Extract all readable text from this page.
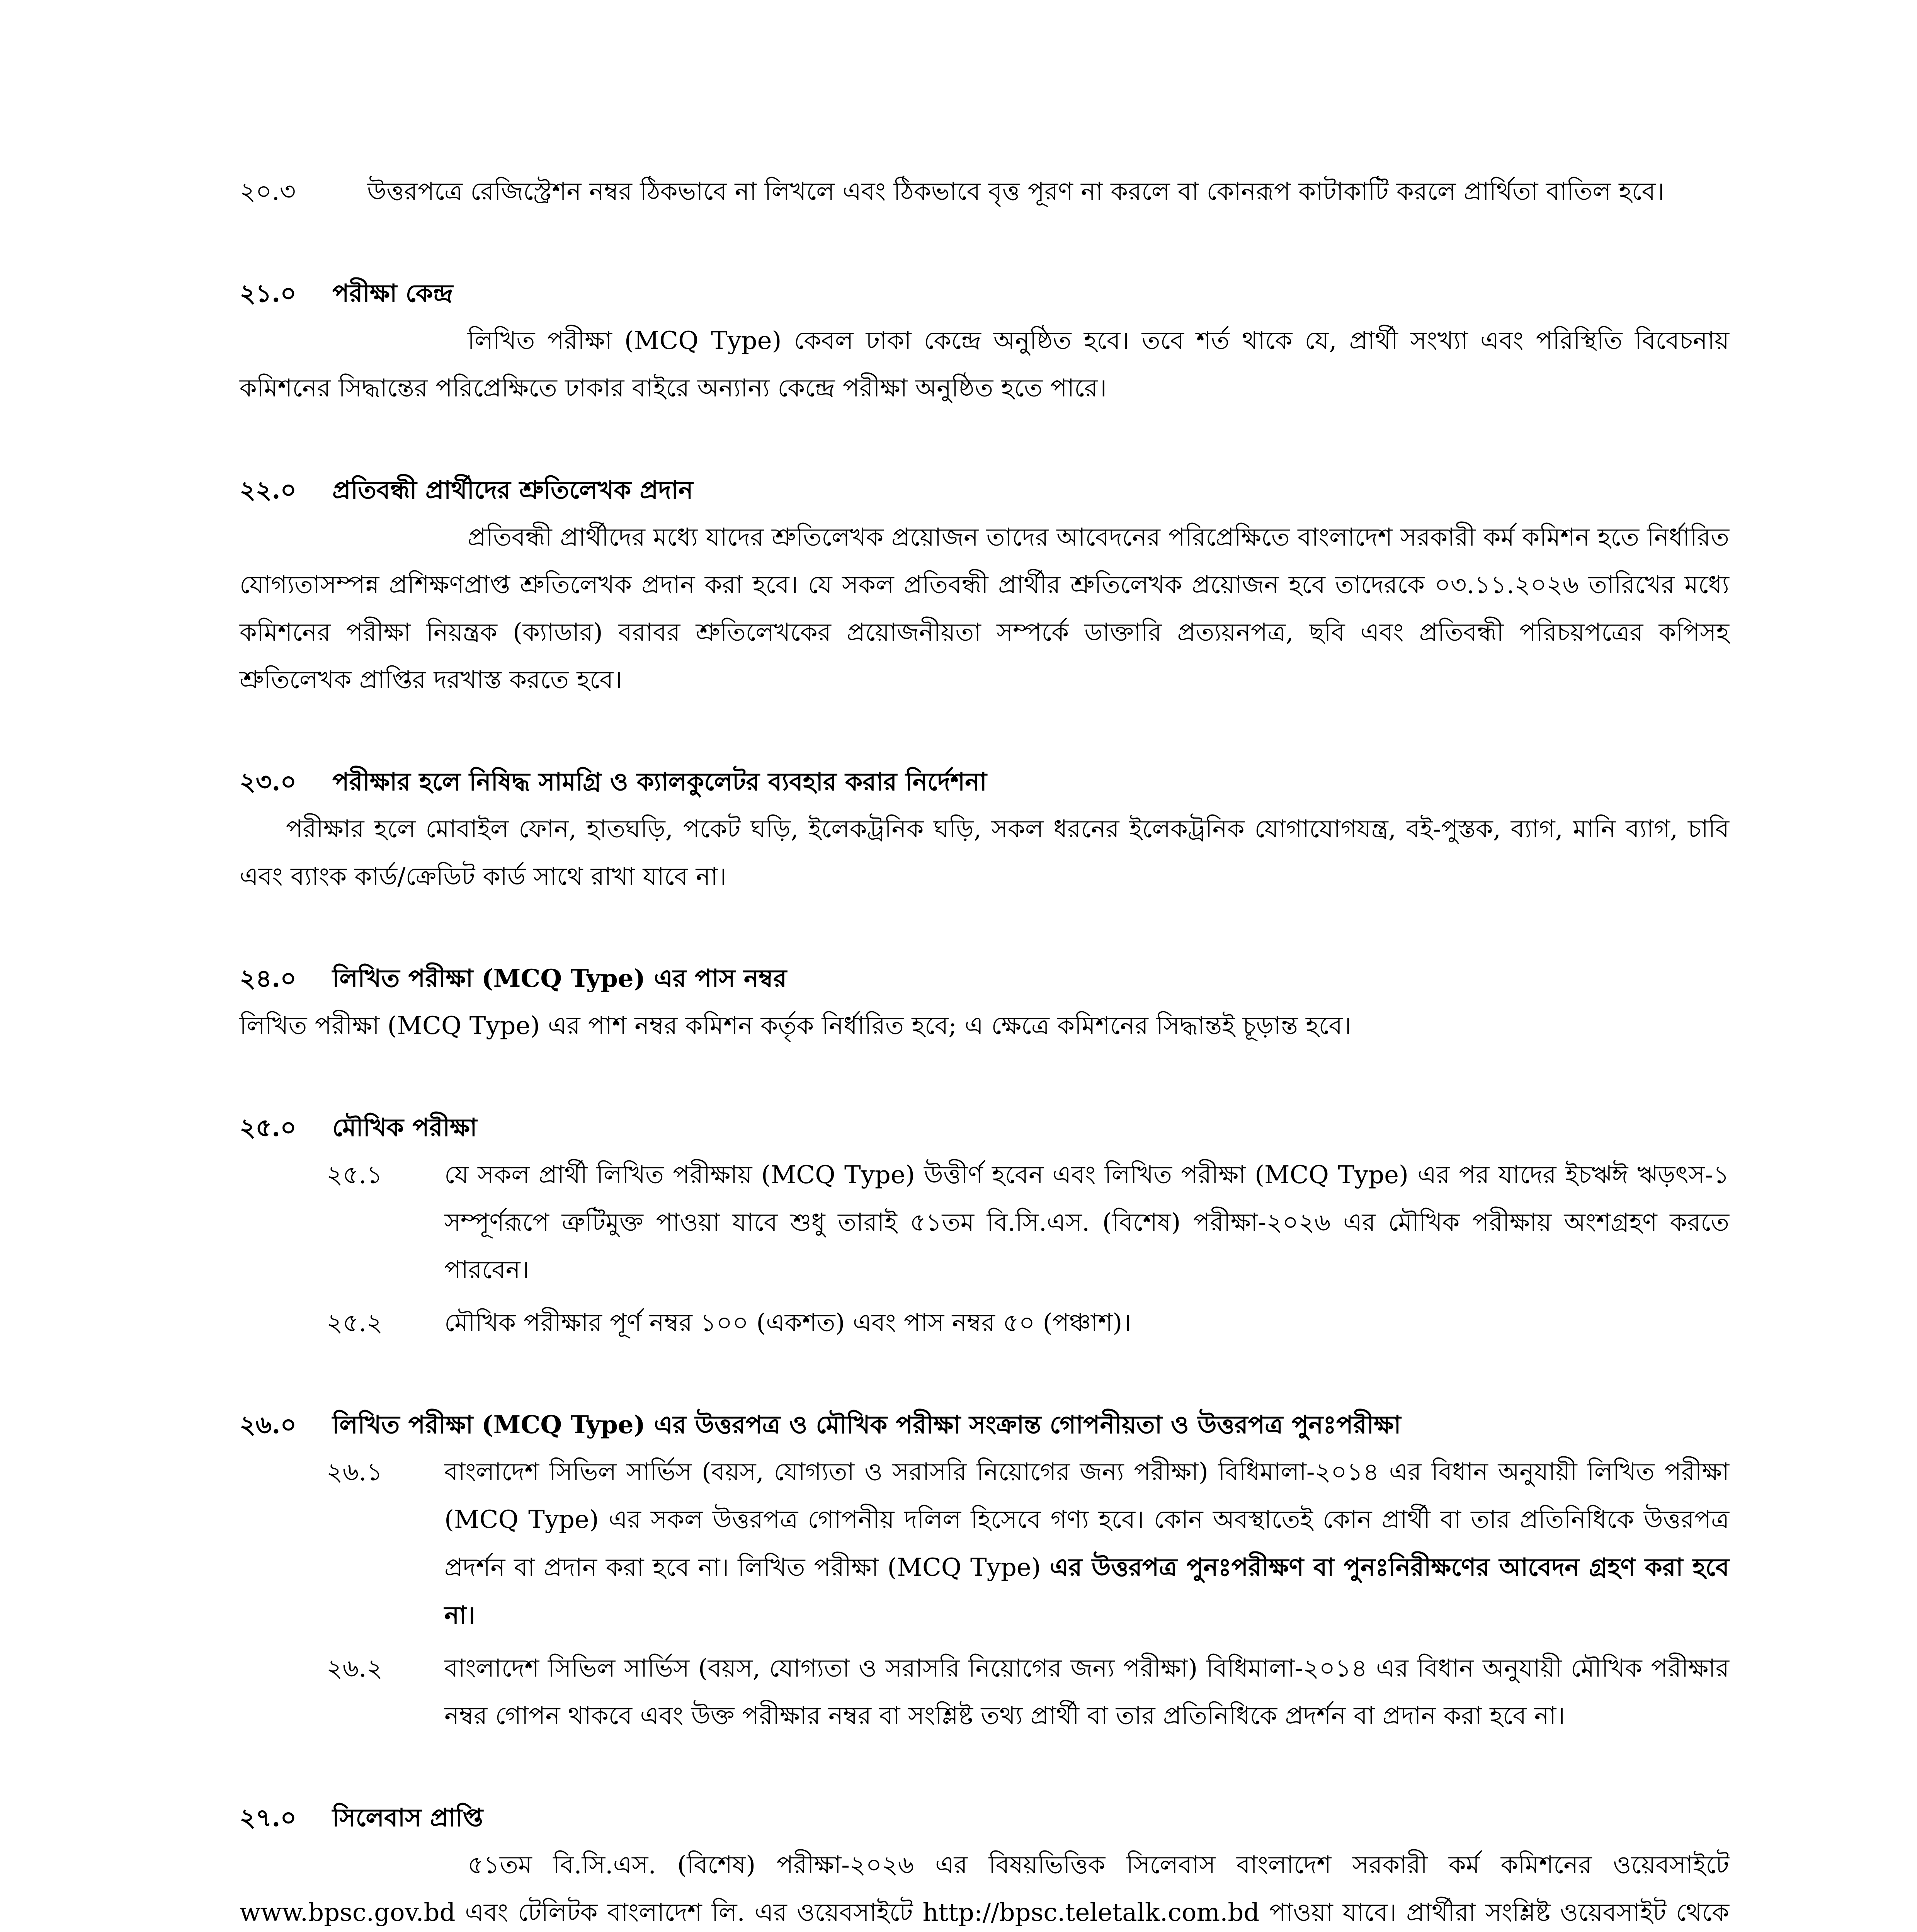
২০.৩	উত্তরপত্রে রেজিস্ট্রেশন নম্বর ঠিকভাবে না লিখলে এবং ঠিকভাবে বৃত্ত পূরণ না করলে বা কোনরূপ কাটাকাটি করলে প্রার্থিতা বাতিল হবে।

২১.০	পরীক্ষা কেন্দ্র

লিখিত পরীক্ষা (MCQ Type) কেবল ঢাকা কেন্দ্রে অনুষ্ঠিত হবে। তবে শর্ত থাকে যে, প্রার্থী সংখ্যা এবং পরিস্থিতি বিবেচনায় কমিশনের সিদ্ধান্তের পরিপ্রেক্ষিতে ঢাকার বাইরে অন্যান্য কেন্দ্রে পরীক্ষা অনুষ্ঠিত হতে পারে।

২২.০	প্রতিবন্ধী প্রার্থীদের শ্রুতিলেখক প্রদান

প্রতিবন্ধী প্রার্থীদের মধ্যে যাদের শ্রুতিলেখক প্রয়োজন তাদের আবেদনের পরিপ্রেক্ষিতে বাংলাদেশ সরকারী কর্ম কমিশন হতে নির্ধারিত যোগ্যতাসম্পন্ন প্রশিক্ষণপ্রাপ্ত শ্রুতিলেখক প্রদান করা হবে। যে সকল প্রতিবন্ধী প্রার্থীর শ্রুতিলেখক প্রয়োজন হবে তাদেরকে ০৩.১১.২০২৬ তারিখের মধ্যে কমিশনের পরীক্ষা নিয়ন্ত্রক (ক্যাডার) বরাবর শ্রুতিলেখকের প্রয়োজনীয়তা সম্পর্কে ডাক্তারি প্রত্যয়নপত্র, ছবি এবং প্রতিবন্ধী পরিচয়পত্রের কপিসহ শ্রুতিলেখক প্রাপ্তির দরখাস্ত করতে হবে।

২৩.০	পরীক্ষার হলে নিষিদ্ধ সামগ্রি ও ক্যালকুলেটর ব্যবহার করার নির্দেশনা

পরীক্ষার হলে মোবাইল ফোন, হাতঘড়ি, পকেট ঘড়ি, ইলেকট্রনিক ঘড়ি, সকল ধরনের ইলেকট্রনিক যোগাযোগযন্ত্র, বই-পুস্তক, ব্যাগ, মানি ব্যাগ, চাবি এবং ব্যাংক কার্ড/ক্রেডিট কার্ড সাথে রাখা যাবে না।

২৪.০	লিখিত পরীক্ষা (MCQ Type) এর পাস নম্বর

লিখিত পরীক্ষা (MCQ Type) এর পাশ নম্বর কমিশন কর্তৃক নির্ধারিত হবে; এ ক্ষেত্রে কমিশনের সিদ্ধান্তই চূড়ান্ত হবে।

২৫.০	মৌখিক পরীক্ষা
২৫.১	যে সকল প্রার্থী লিখিত পরীক্ষায় (MCQ Type) উত্তীর্ণ হবেন এবং লিখিত পরীক্ষা (MCQ Type) এর পর যাদের ইচঋঈ ঋড়ৎস-১ সম্পূর্ণরূপে ত্রুটিমুক্ত পাওয়া যাবে শুধু তারাই ৫১তম বি.সি.এস. (বিশেষ) পরীক্ষা-২০২৬ এর মৌখিক পরীক্ষায় অংশগ্রহণ করতে পারবেন।

২৫.২	মৌখিক পরীক্ষার পূর্ণ নম্বর ১০০ (একশত) এবং পাস নম্বর ৫০ (পঞ্চাশ)।

২৬.০	লিখিত পরীক্ষা (MCQ Type) এর উত্তরপত্র ও মৌখিক পরীক্ষা সংক্রান্ত গোপনীয়তা ও উত্তরপত্র পুনঃপরীক্ষা
২৬.১	বাংলাদেশ সিভিল সার্ভিস (বয়স, যোগ্যতা ও সরাসরি নিয়োগের জন্য পরীক্ষা) বিধিমালা-২০১৪ এর বিধান অনুযায়ী লিখিত পরীক্ষা (MCQ Type) এর সকল উত্তরপত্র গোপনীয় দলিল হিসেবে গণ্য হবে। কোন অবস্থাতেই কোন প্রার্থী বা তার প্রতিনিধিকে উত্তরপত্র প্রদর্শন বা প্রদান করা হবে না। লিখিত পরীক্ষা (MCQ Type) এর উত্তরপত্র পুনঃপরীক্ষণ বা পুনঃনিরীক্ষণের আবেদন গ্রহণ করা হবে না।

২৬.২	বাংলাদেশ সিভিল সার্ভিস (বয়স, যোগ্যতা ও সরাসরি নিয়োগের জন্য পরীক্ষা) বিধিমালা-২০১৪ এর বিধান অনুযায়ী মৌখিক পরীক্ষার নম্বর গোপন থাকবে এবং উক্ত পরীক্ষার নম্বর বা সংশ্লিষ্ট তথ্য প্রার্থী বা তার প্রতিনিধিকে প্রদর্শন বা প্রদান করা হবে না।

২৭.০	সিলেবাস প্রাপ্তি

৫১তম বি.সি.এস. (বিশেষ) পরীক্ষা-২০২৬ এর বিষয়ভিত্তিক সিলেবাস বাংলাদেশ সরকারী কর্ম কমিশনের ওয়েবসাইটে www.bpsc.gov.bd এবং টেলিটক বাংলাদেশ লি. এর ওয়েবসাইটে http://bpsc.teletalk.com.bd পাওয়া যাবে। প্রার্থীরা সংশ্লিষ্ট ওয়েবসাইট থেকে
